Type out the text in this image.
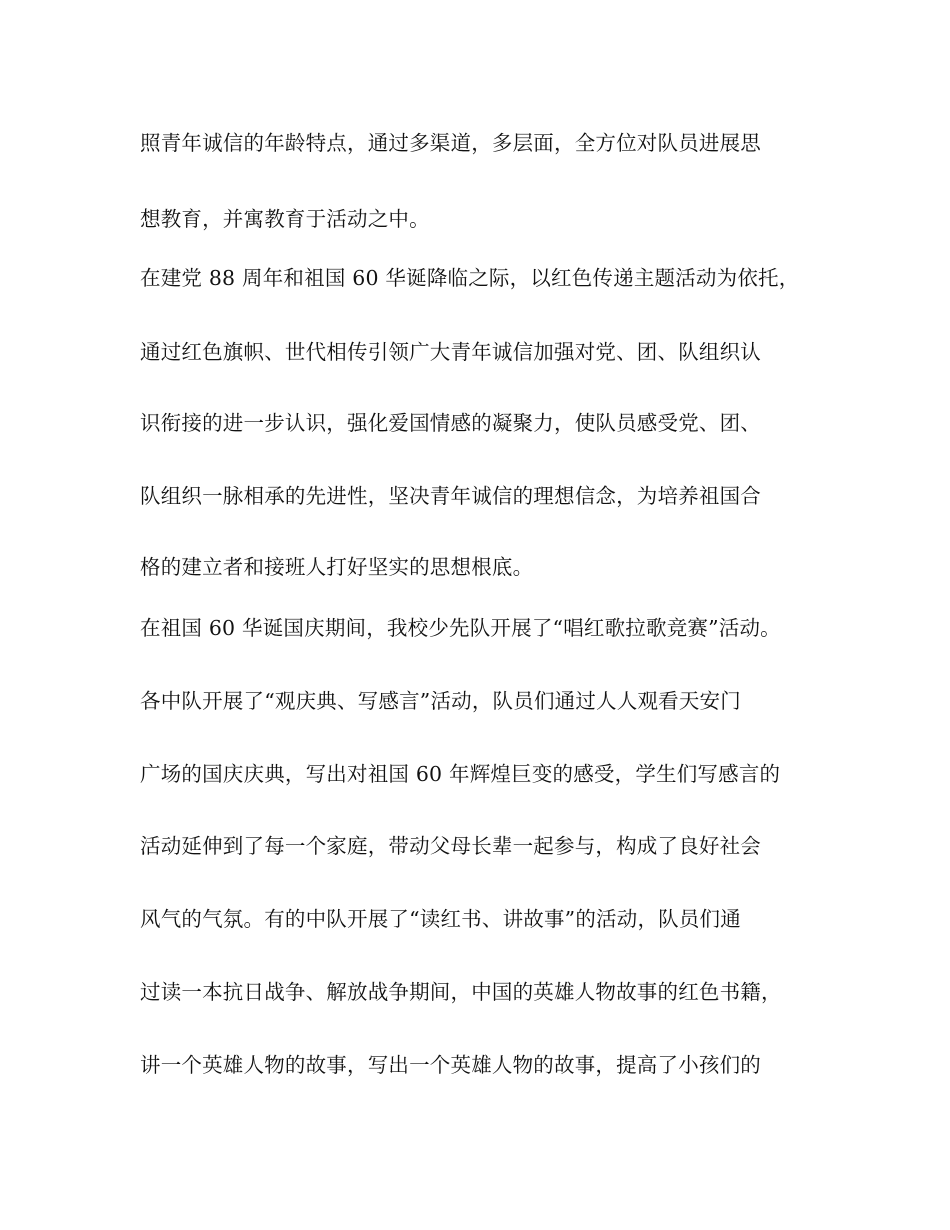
照青年诚信的年龄特点，通过多渠道，多层面，全方位对队员进展思
想教育，并寓教育于活动之中。
在建党 88 周年和祖国 60 华诞降临之际，以红色传递主题活动为依托，
通过红色旗帜、世代相传引领广大青年诚信加强对党、团、队组织认
识衔接的进一步认识，强化爱国情感的凝聚力，使队员感受党、团、
队组织一脉相承的先进性，坚决青年诚信的理想信念，为培养祖国合
格的建立者和接班人打好坚实的思想根底。
在祖国 60 华诞国庆期间，我校少先队开展了“唱红歌拉歌竞赛”活动。
各中队开展了“观庆典、写感言”活动，队员们通过人人观看天安门
广场的国庆庆典，写出对祖国 60 年辉煌巨变的感受，学生们写感言的
活动延伸到了每一个家庭，带动父母长辈一起参与，构成了良好社会
风气的气氛。有的中队开展了“读红书、讲故事”的活动，队员们通
过读一本抗日战争、解放战争期间，中国的英雄人物故事的红色书籍，
讲一个英雄人物的故事，写出一个英雄人物的故事，提高了小孩们的
